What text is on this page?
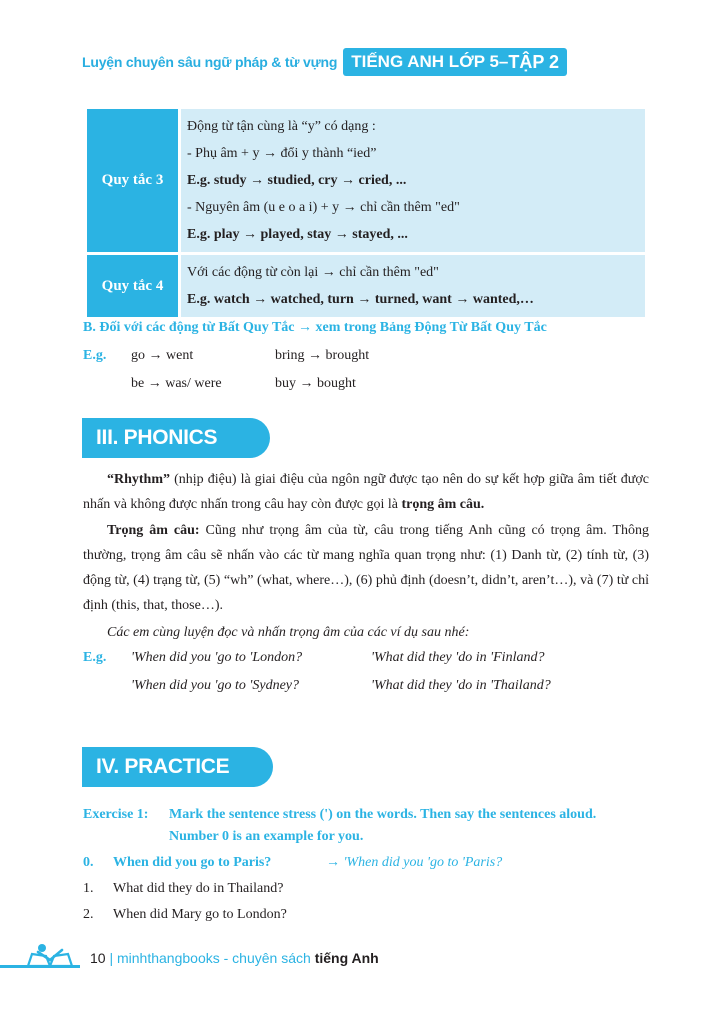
Luyện chuyên sâu ngữ pháp & từ vựng TIẾNG ANH LỚP 5 – TẬP 2
Quy tắc 3
Động từ tận cùng là “y” có dạng :
- Phụ âm + y → đổi y thành “ied”
E.g. study → studied, cry → cried, ...
- Nguyên âm (u e o a i) + y → chỉ cần thêm "ed"
E.g. play → played, stay → stayed, ...
Quy tắc 4
Với các động từ còn lại → chỉ cần thêm "ed"
E.g. watch → watched, turn → turned, want → wanted,…
B. Đối với các động từ Bất Quy Tắc → xem trong Bảng Động Từ Bất Quy Tắc
E.g. go → went	bring → brought
be → was/ were	buy → bought
III. PHONICS
“Rhythm” (nhịp điệu) là giai điệu của ngôn ngữ được tạo nên do sự kết hợp giữa âm tiết được nhấn và không được nhấn trong câu hay còn được gọi là trọng âm câu.
Trọng âm câu: Cũng như trọng âm của từ, câu trong tiếng Anh cũng có trọng âm. Thông thường, trọng âm câu sẽ nhấn vào các từ mang nghĩa quan trọng như: (1) Danh từ, (2) tính từ, (3) động từ, (4) trạng từ, (5) “wh” (what, where…), (6) phủ định (doesn’t, didn’t, aren’t…), và (7) từ chỉ định (this, that, those…).
Các em cùng luyện đọc và nhấn trọng âm của các ví dụ sau nhé:
E.g. 'When did you 'go to 'London?	'What did they 'do in 'Finland?
'When did you 'go to 'Sydney?	'What did they 'do in 'Thailand?
IV. PRACTICE
Exercise 1: Mark the sentence stress (') on the words. Then say the sentences aloud.
Number 0 is an example for you.
0. When did you go to Paris?	→ 'When did you 'go to 'Paris?
1. What did they do in Thailand?
2. When did Mary go to London?
10 | minhthangbooks - chuyên sách tiếng Anh
